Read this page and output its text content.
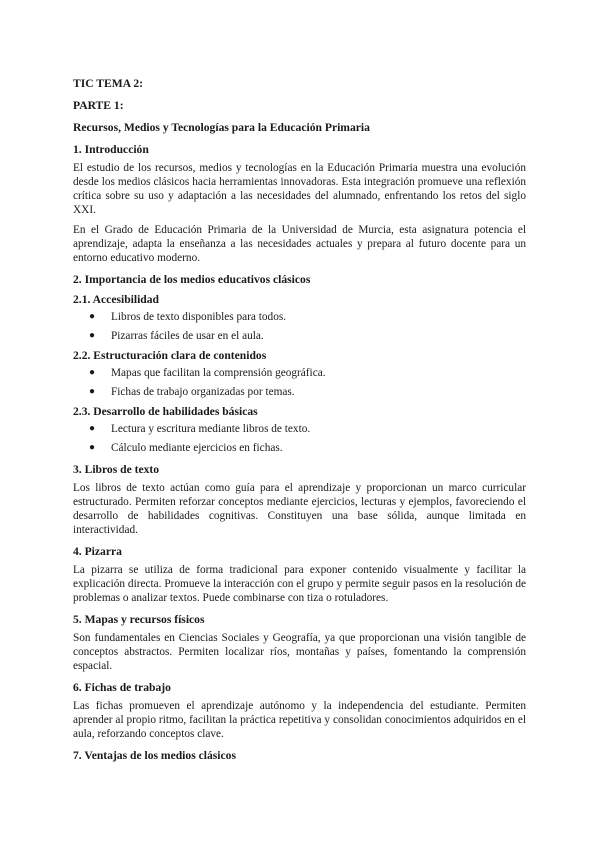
TIC TEMA 2:
PARTE 1:
Recursos, Medios y Tecnologías para la Educación Primaria
1. Introducción

El estudio de los recursos, medios y tecnologías en la Educación Primaria muestra una evolución desde los medios clásicos hacia herramientas innovadoras. Esta integración promueve una reflexión crítica sobre su uso y adaptación a las necesidades del alumnado, enfrentando los retos del siglo XXI.

En el Grado de Educación Primaria de la Universidad de Murcia, esta asignatura potencia el aprendizaje, adapta la enseñanza a las necesidades actuales y prepara al futuro docente para un entorno educativo moderno.

2. Importancia de los medios educativos clásicos
2.1. Accesibilidad
● Libros de texto disponibles para todos.
● Pizarras fáciles de usar en el aula.
2.2. Estructuración clara de contenidos
● Mapas que facilitan la comprensión geográfica.
● Fichas de trabajo organizadas por temas.
2.3. Desarrollo de habilidades básicas
● Lectura y escritura mediante libros de texto.
● Cálculo mediante ejercicios en fichas.
3. Libros de texto

Los libros de texto actúan como guía para el aprendizaje y proporcionan un marco curricular estructurado. Permiten reforzar conceptos mediante ejercicios, lecturas y ejemplos, favoreciendo el desarrollo de habilidades cognitivas. Constituyen una base sólida, aunque limitada en interactividad.

4. Pizarra

La pizarra se utiliza de forma tradicional para exponer contenido visualmente y facilitar la explicación directa. Promueve la interacción con el grupo y permite seguir pasos en la resolución de problemas o analizar textos. Puede combinarse con tiza o rotuladores.

5. Mapas y recursos físicos

Son fundamentales en Ciencias Sociales y Geografía, ya que proporcionan una visión tangible de conceptos abstractos. Permiten localizar ríos, montañas y países, fomentando la comprensión espacial.

6. Fichas de trabajo

Las fichas promueven el aprendizaje autónomo y la independencia del estudiante. Permiten aprender al propio ritmo, facilitan la práctica repetitiva y consolidan conocimientos adquiridos en el aula, reforzando conceptos clave.

7. Ventajas de los medios clásicos
